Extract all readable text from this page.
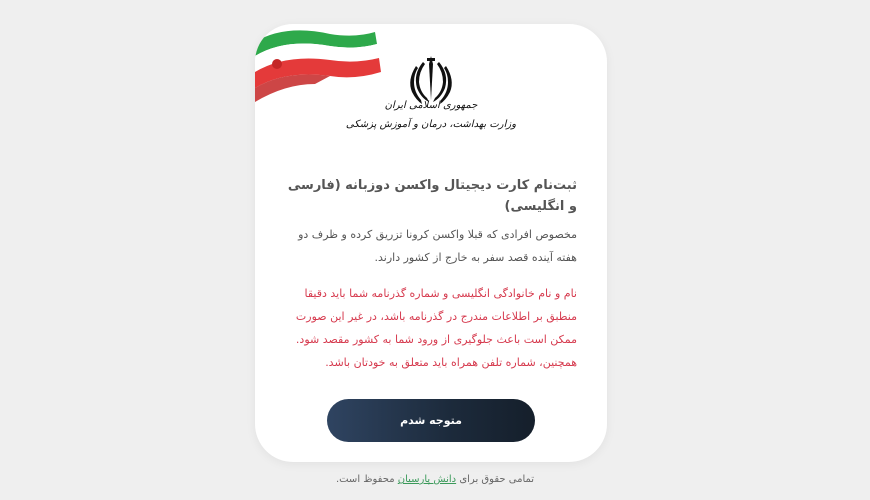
جمهوری اسلامی ایران
وزارت بهداشت، درمان و آموزش پزشکی
ثبت‌نام کارت دیجیتال واکسن دوزبانه (فارسی و انگلیسی)
مخصوص افرادی که قبلا واکسن کرونا تزریق کرده و ظرف دو هفته آینده قصد سفر به خارج از کشور دارند.
نام و نام خانوادگی انگلیسی و شماره گذرنامه شما باید دقیقا منطبق بر اطلاعات مندرج در گذرنامه باشد، در غیر این صورت ممکن است باعث جلوگیری از ورود شما به کشور مقصد شود. همچنین، شماره تلفن همراه باید متعلق به خودتان باشد.
متوجه شدم
تمامی حقوق برای دانش پارسیان محفوظ است.
